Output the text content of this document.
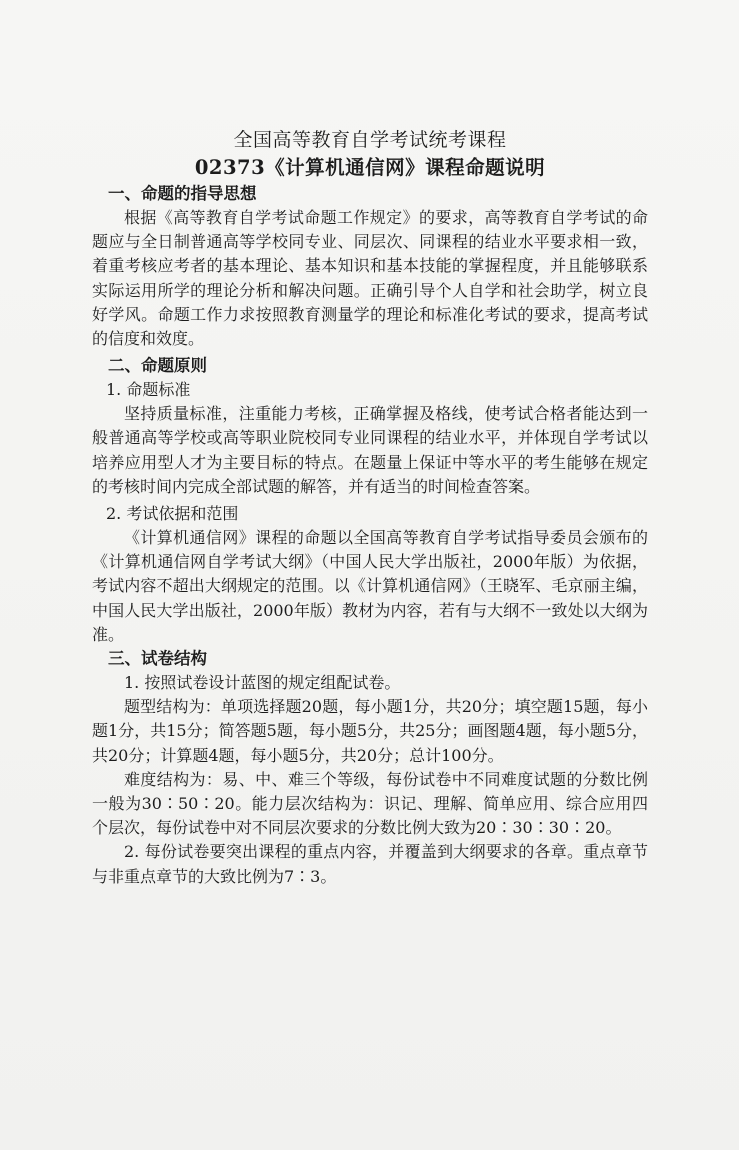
全国高等教育自学考试统考课程

02373《计算机通信网》课程命题说明

一、命题的指导思想

根据《高等教育自学考试命题工作规定》的要求，高等教育自学考试的命题应与全日制普通高等学校同专业、同层次、同课程的结业水平要求相一致，着重考核应考者的基本理论、基本知识和基本技能的掌握程度，并且能够联系实际运用所学的理论分析和解决问题。正确引导个人自学和社会助学，树立良好学风。命题工作力求按照教育测量学的理论和标准化考试的要求，提高考试的信度和效度。

二、命题原则

1. 命题标准

坚持质量标准，注重能力考核，正确掌握及格线，使考试合格者能达到一般普通高等学校或高等职业院校同专业同课程的结业水平，并体现自学考试以培养应用型人才为主要目标的特点。在题量上保证中等水平的考生能够在规定的考核时间内完成全部试题的解答，并有适当的时间检查答案。

2. 考试依据和范围

《计算机通信网》课程的命题以全国高等教育自学考试指导委员会颁布的《计算机通信网自学考试大纲》（中国人民大学出版社，2000年版）为依据，考试内容不超出大纲规定的范围。以《计算机通信网》（王晓军、毛京丽主编，中国人民大学出版社，2000年版）教材为内容，若有与大纲不一致处以大纲为准。

三、试卷结构

1. 按照试卷设计蓝图的规定组配试卷。

题型结构为：单项选择题20题，每小题1分，共20分；填空题15题，每小题1分，共15分；简答题5题，每小题5分，共25分；画图题4题，每小题5分，共20分；计算题4题，每小题5分，共20分；总计100分。

难度结构为：易、中、难三个等级，每份试卷中不同难度试题的分数比例一般为30∶50∶20。能力层次结构为：识记、理解、简单应用、综合应用四个层次，每份试卷中对不同层次要求的分数比例大致为20∶30∶30∶20。

2. 每份试卷要突出课程的重点内容，并覆盖到大纲要求的各章。重点章节与非重点章节的大致比例为7∶3。
